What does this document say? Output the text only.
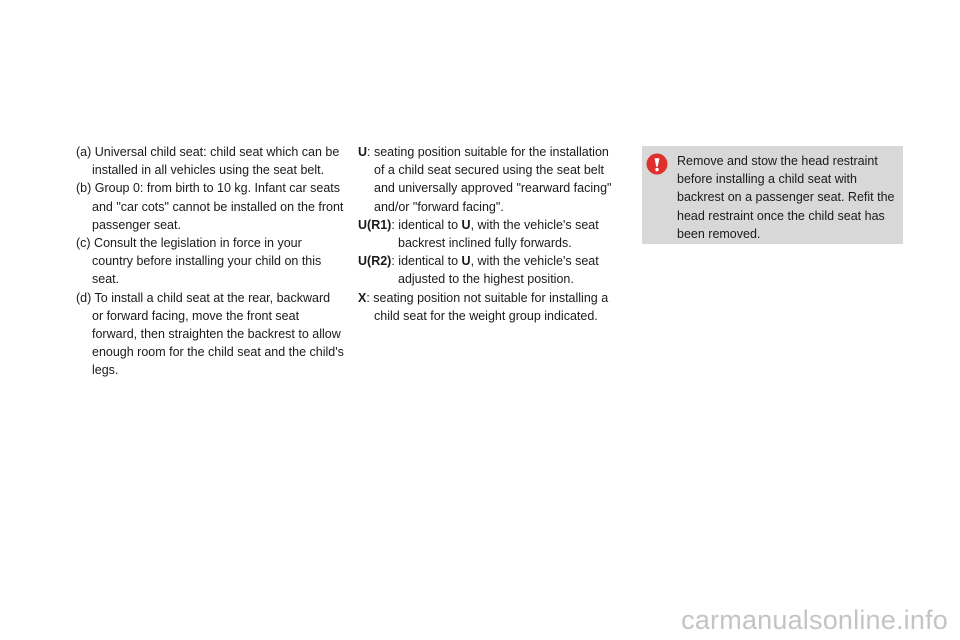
(a) Universal child seat: child seat which can be installed in all vehicles using the seat belt.

(b) Group 0: from birth to 10 kg. Infant car seats and "car cots" cannot be installed on the front passenger seat.

(c) Consult the legislation in force in your country before installing your child on this seat.

(d) To install a child seat at the rear, backward or forward facing, move the front seat forward, then straighten the backrest to allow enough room for the child seat and the child's legs.

U: seating position suitable for the installation
of a child seat secured using the seat belt and universally approved "rearward facing" and/or "forward facing".

U(R1): identical to U, with the vehicle's seat
backrest inclined fully forwards.

U(R2): identical to U, with the vehicle's seat
adjusted to the highest position.

X: seating position not suitable for installing a
child seat for the weight group indicated.

Remove and stow the head restraint before installing a child seat with backrest on a passenger seat. Refit the head restraint once the child seat has been removed.
carmanualsonline.info
